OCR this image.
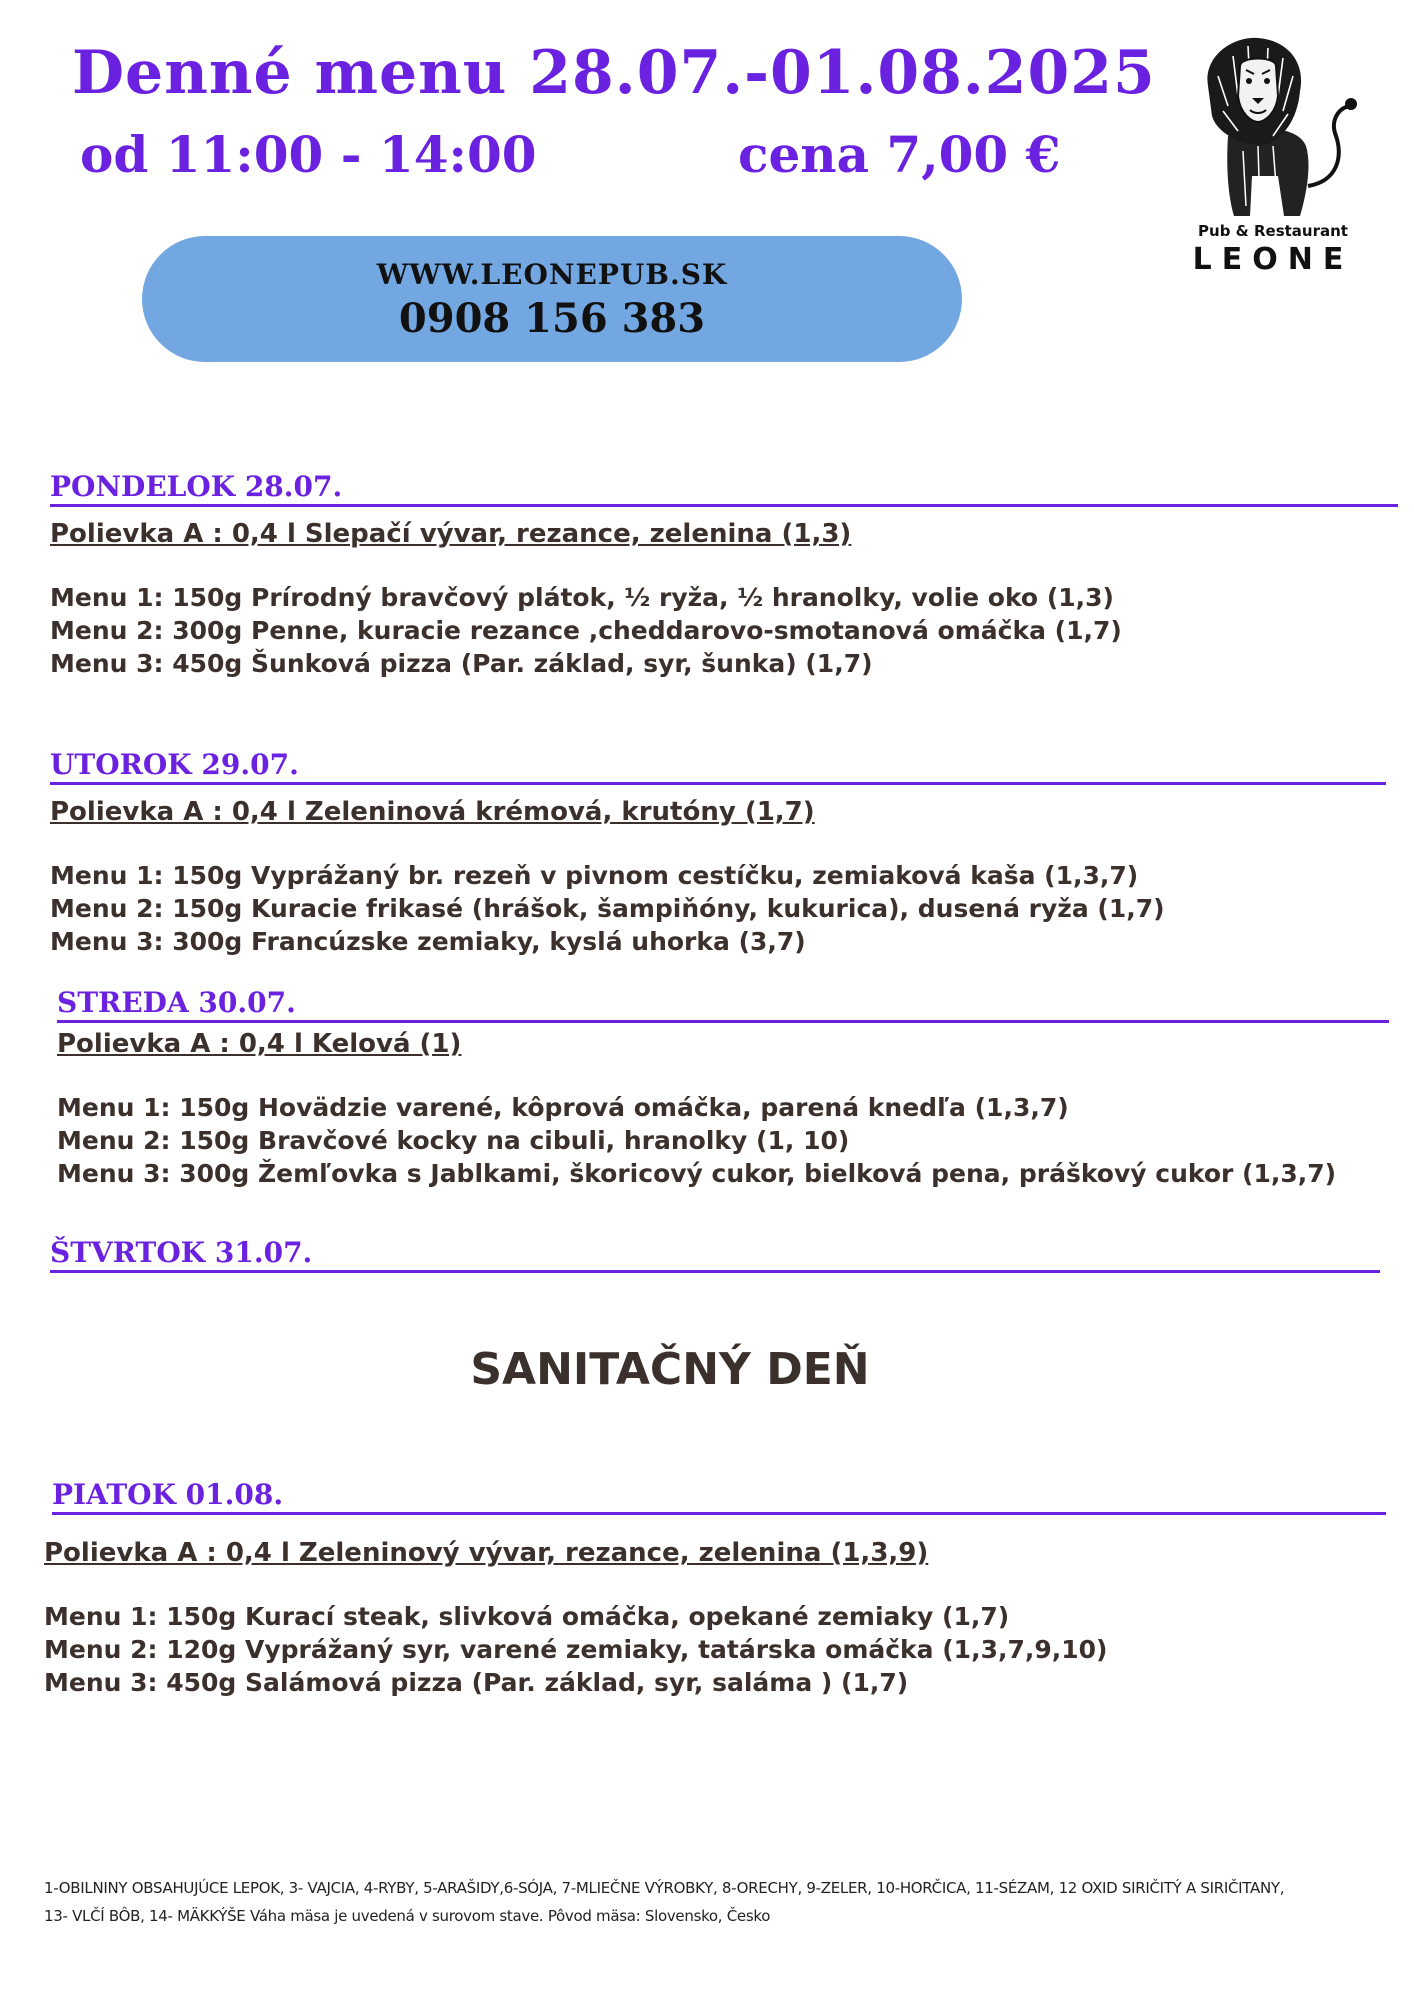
Denné menu 28.07.-01.08.2025
od 11:00 - 14:00	cena 7,00 €
WWW.LEONEPUB.SK
0908 156 383
Pub & Restaurant
LEONE
PONDELOK 28.07.
Polievka A : 0,4 l Slepačí vývar, rezance, zelenina (1,3)
Menu 1: 150g Prírodný bravčový plátok, ½ ryža, ½ hranolky, volie oko (1,3)
Menu 2: 300g Penne, kuracie rezance ,cheddarovo-smotanová omáčka (1,7)
Menu 3: 450g Šunková pizza (Par. základ, syr, šunka) (1,7)
UTOROK 29.07.
Polievka A : 0,4 l Zeleninová krémová, krutóny (1,7)
Menu 1: 150g Vyprážaný br. rezeň v pivnom cestíčku, zemiaková kaša (1,3,7)
Menu 2: 150g Kuracie frikasé (hrášok, šampiňóny, kukurica), dusená ryža (1,7)
Menu 3: 300g Francúzske zemiaky, kyslá uhorka (3,7)
STREDA 30.07.
Polievka A : 0,4 l Kelová (1)
Menu 1: 150g Hovädzie varené, kôprová omáčka, parená knedľa (1,3,7)
Menu 2: 150g Bravčové kocky na cibuli, hranolky (1, 10)
Menu 3: 300g Žemľovka s Jablkami, škoricový cukor, bielková pena, práškový cukor (1,3,7)
ŠTVRTOK 31.07.
SANITAČNÝ DEŇ
PIATOK 01.08.
Polievka A : 0,4 l Zeleninový vývar, rezance, zelenina (1,3,9)
Menu 1: 150g Kurací steak, slivková omáčka, opekané zemiaky (1,7)
Menu 2: 120g Vyprážaný syr, varené zemiaky, tatárska omáčka (1,3,7,9,10)
Menu 3: 450g Salámová pizza (Par. základ, syr, saláma ) (1,7)
1-OBILNINY OBSAHUJÚCE LEPOK, 3- VAJCIA, 4-RYBY, 5-ARAŠIDY,6-SÓJA, 7-MLIEČNE VÝROBKY, 8-ORECHY, 9-ZELER, 10-HORČICA, 11-SÉZAM, 12 OXID SIRIČITÝ A SIRIČITANY,
13- VLČÍ BÔB, 14- MÄKKÝŠE Váha mäsa je uvedená v surovom stave. Pôvod mäsa: Slovensko, Česko
